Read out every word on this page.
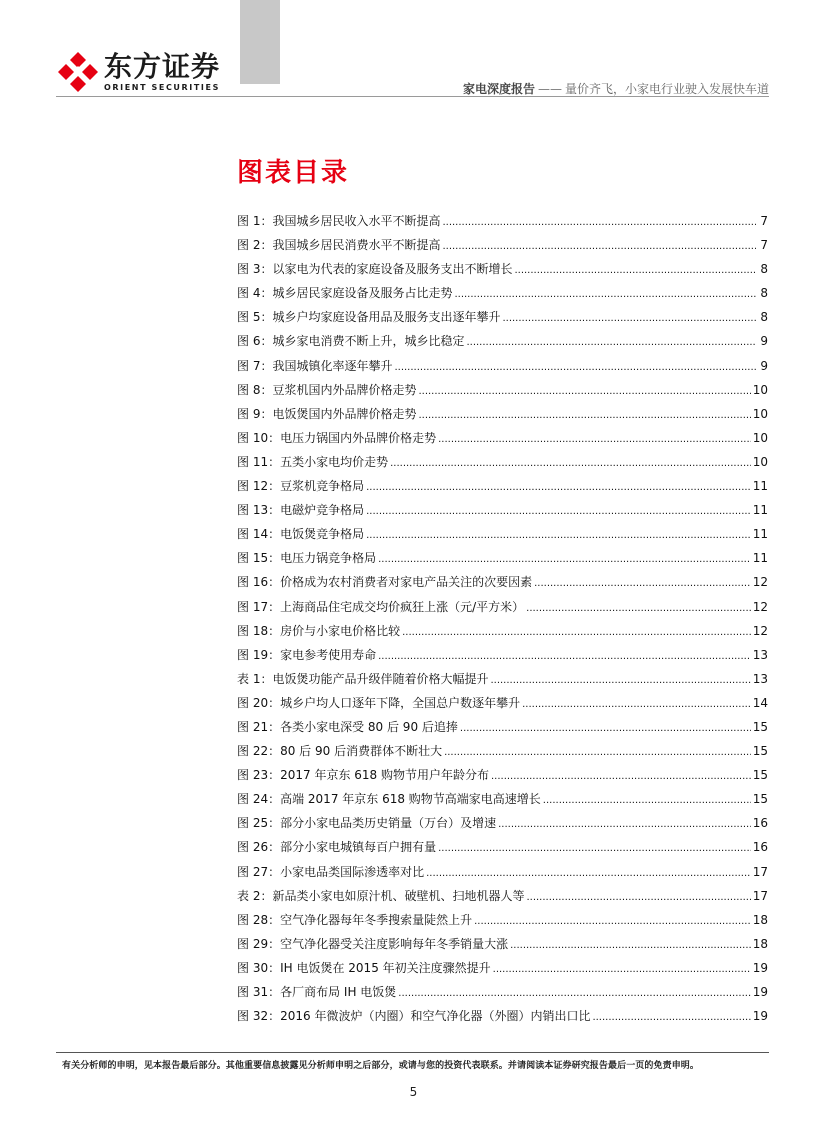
东方证券
ORIENT SECURITIES	家电深度报告 —— 量价齐飞，小家电行业驶入发展快车道
图表目录
图 1： 我国城乡居民收入水平不断提高 .....	7
图 2： 我国城乡居民消费水平不断提高 .....	7
图 3： 以家电为代表的家庭设备及服务支出不断增长 .....	8
图 4： 城乡居民家庭设备及服务占比走势 .....	8
图 5： 城乡户均家庭设备用品及服务支出逐年攀升 .....	8
图 6： 城乡家电消费不断上升，城乡比稳定 .....	9
图 7： 我国城镇化率逐年攀升 .....	9
图 8： 豆浆机国内外品牌价格走势 .....	10
图 9： 电饭煲国内外品牌价格走势 .....	10
图 10： 电压力锅国内外品牌价格走势 .....	10
图 11： 五类小家电均价走势 .....	10
图 12： 豆浆机竞争格局 .....	11
图 13： 电磁炉竞争格局 .....	11
图 14： 电饭煲竞争格局 .....	11
图 15： 电压力锅竞争格局 .....	11
图 16： 价格成为农村消费者对家电产品关注的次要因素 .....	12
图 17： 上海商品住宅成交均价疯狂上涨（元/平方米） .....	12
图 18： 房价与小家电价格比较 .....	12
图 19： 家电参考使用寿命 .....	13
表 1： 电饭煲功能产品升级伴随着价格大幅提升 .....	13
图 20： 城乡户均人口逐年下降，全国总户数逐年攀升 .....	14
图 21： 各类小家电深受 80 后 90 后追捧 .....	15
图 22： 80 后 90 后消费群体不断壮大 .....	15
图 23： 2017 年京东 618 购物节用户年龄分布 .....	15
图 24： 高端 2017 年京东 618 购物节高端家电高速增长 .....	15
图 25： 部分小家电品类历史销量（万台）及增速 .....	16
图 26： 部分小家电城镇每百户拥有量 .....	16
图 27： 小家电品类国际渗透率对比 .....	17
表 2： 新品类小家电如原汁机、破壁机、扫地机器人等 .....	17
图 28： 空气净化器每年冬季搜索量陡然上升 .....	18
图 29： 空气净化器受关注度影响每年冬季销量大涨 .....	18
图 30： IH 电饭煲在 2015 年初关注度骤然提升 .....	19
图 31： 各厂商布局 IH 电饭煲 .....	19
图 32： 2016 年微波炉（内圈）和空气净化器（外圈）内销出口比 .....	19
有关分析师的申明，见本报告最后部分。其他重要信息披露见分析师申明之后部分，或请与您的投资代表联系。并请阅读本证券研究报告最后一页的免责申明。
5
